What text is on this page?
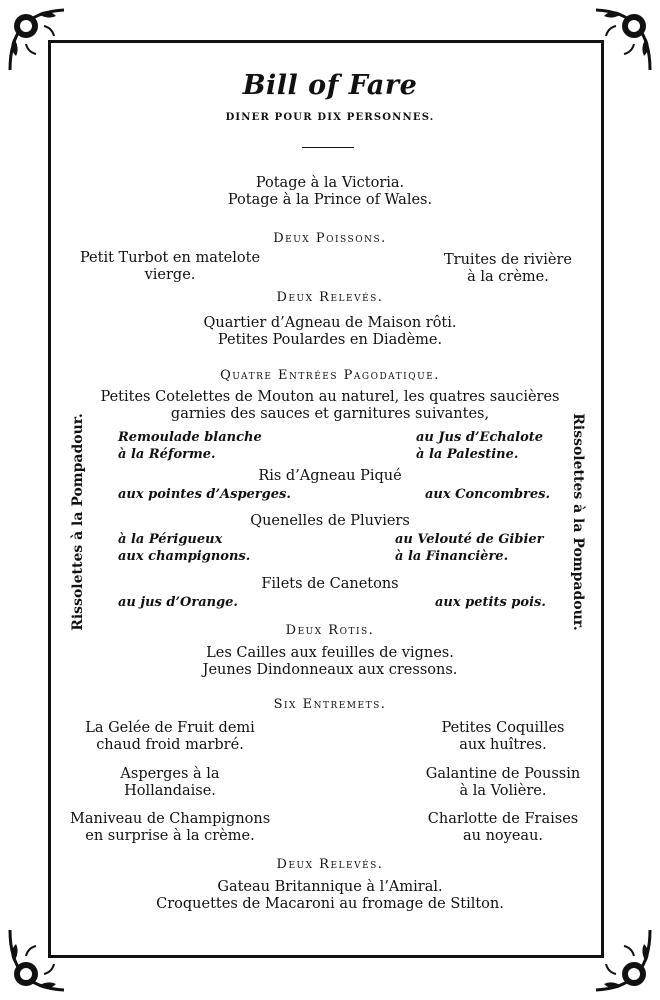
Bill of Fare
DINER POUR DIX PERSONNES.
Potage à la Victoria.
Potage à la Prince of Wales.
Deux Poissons.
Petit Turbot en matelote
vierge.
Truites de rivière
à la crème.
Deux Relevés.
Quartier d’Agneau de Maison rôti.
Petites Poulardes en Diadème.
Quatre Entrées Pagodatique.
Petites Cotelettes de Mouton au naturel, les quatres saucières
garnies des sauces et garnitures suivantes,
Remoulade blanche
à la Réforme.
au Jus d’Echalote
à la Palestine.
Ris d’Agneau Piqué
aux pointes d’Asperges.	aux Concombres.
Quenelles de Pluviers
à la Périgueux
aux champignons.
au Velouté de Gibier
à la Financière.
Filets de Canetons
au jus d’Orange.	aux petits pois.
Rissolettes à la Pompadour.	Rissolettes à la Pompadour.
Deux Rotis.
Les Cailles aux feuilles de vignes.
Jeunes Dindonneaux aux cressons.
Six Entremets.
La Gelée de Fruit demi
chaud froid marbré.
Asperges à la
Hollandaise.
Maniveau de Champignons
en surprise à la crème.
Petites Coquilles
aux huîtres.
Galantine de Poussin
à la Volière.
Charlotte de Fraises
au noyeau.
Deux Relevés.
Gateau Britannique à l’Amiral.
Croquettes de Macaroni au fromage de Stilton.
